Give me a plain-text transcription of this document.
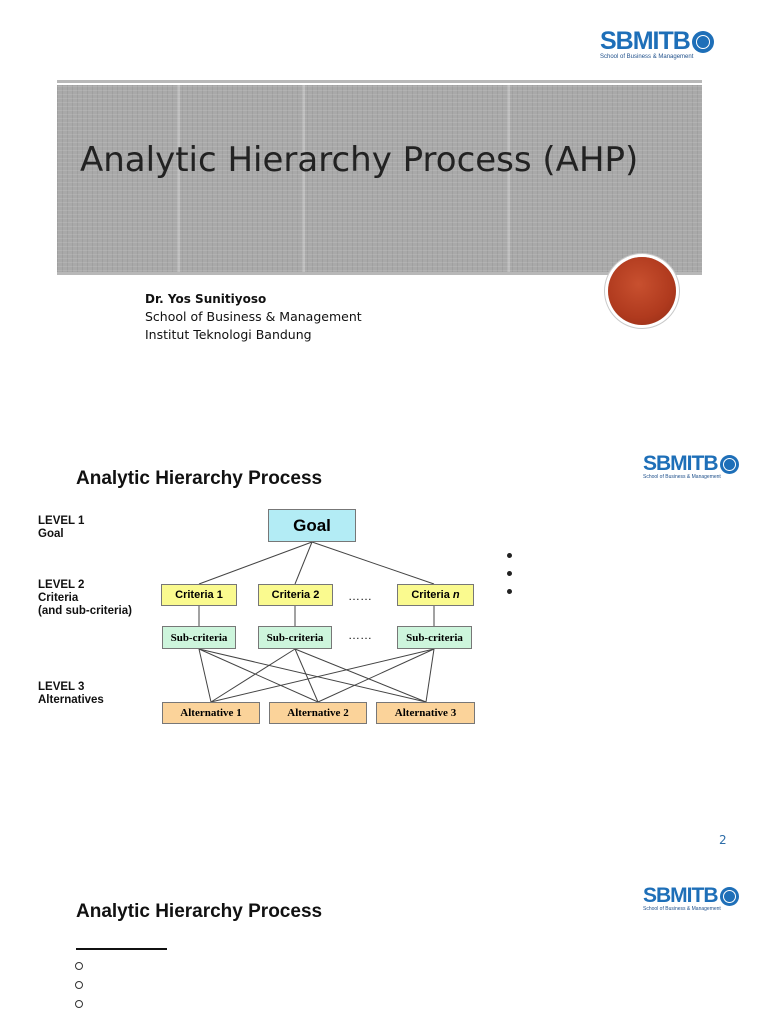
SBMITB
School of Business & Management
Analytic Hierarchy Process (AHP)
Dr. Yos Sunitiyoso
School of Business & Management
Institut Teknologi Bandung
SBMITB
School of Business & Management
Analytic Hierarchy Process
LEVEL 1
Goal
LEVEL 2
Criteria
(and sub-criteria)
LEVEL 3
Alternatives
Goal
Criteria 1	Criteria 2	……	Criteria
n
Sub-criteria	Sub-criteria	……	Sub-criteria
Alternative 1	Alternative 2	Alternative 3
2
SBMITB
School of Business & Management
Analytic Hierarchy Process
